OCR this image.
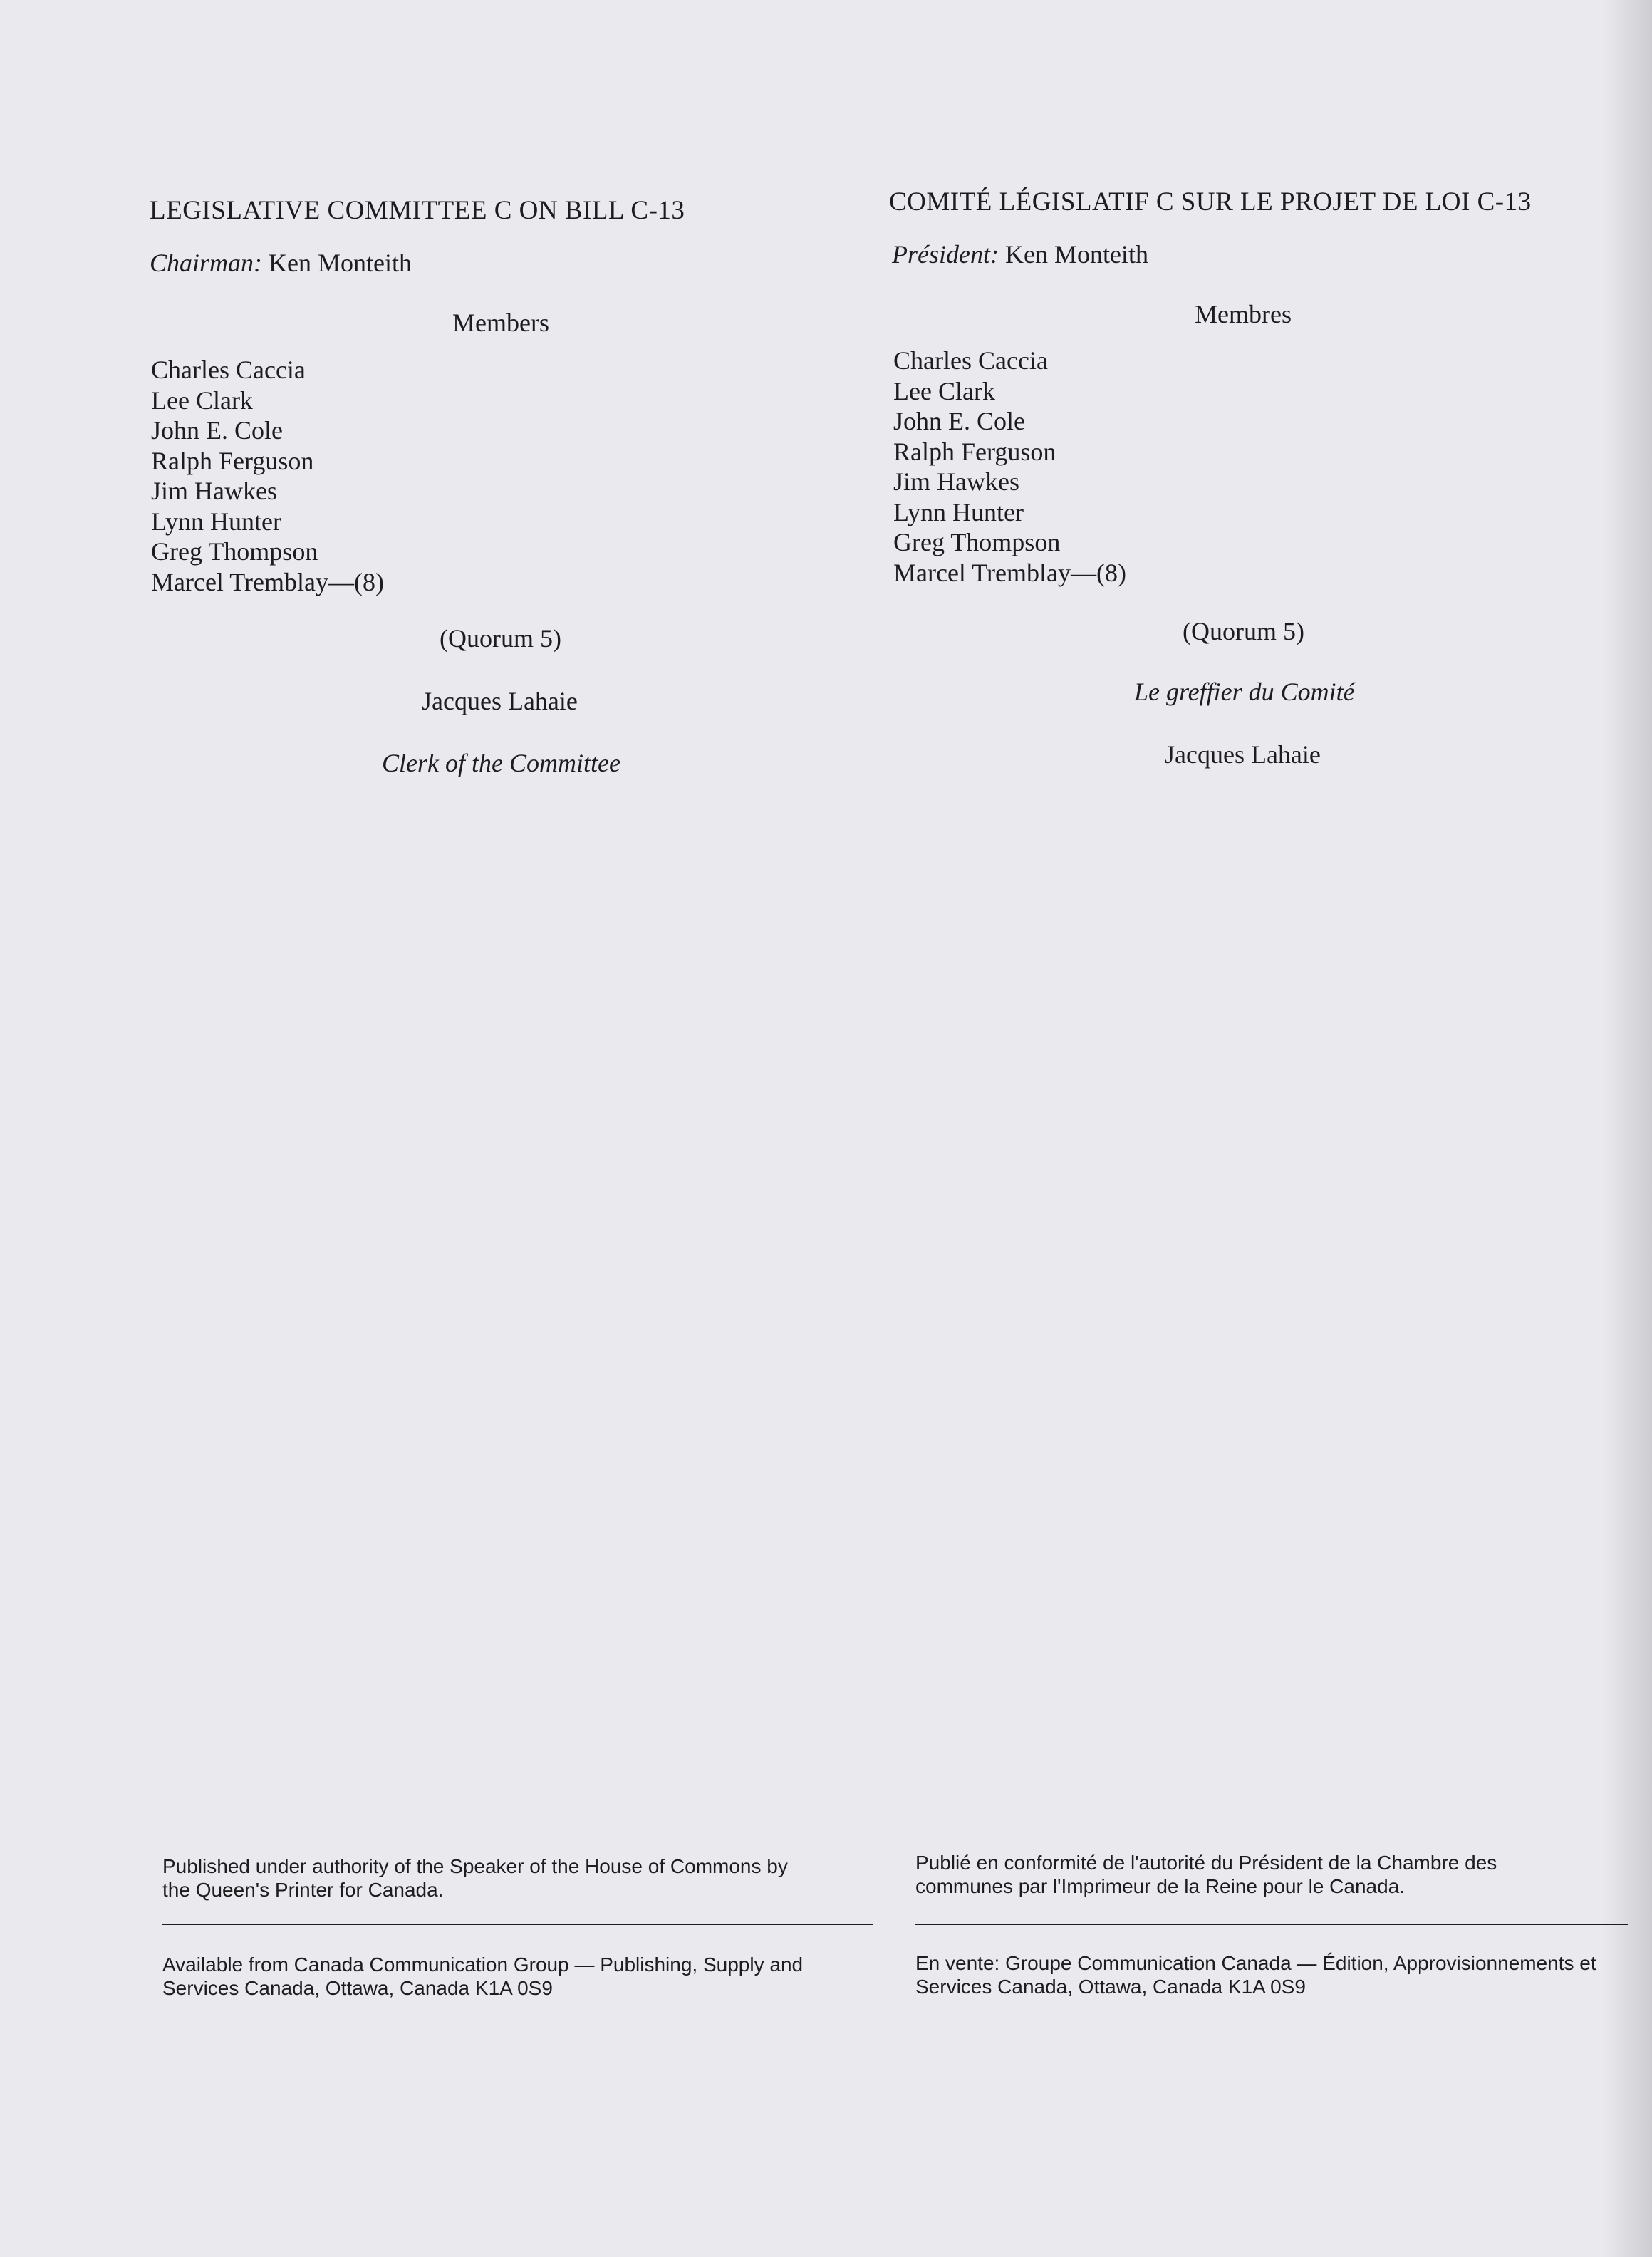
LEGISLATIVE COMMITTEE C ON BILL C-13
Chairman: Ken Monteith
Members
Charles Caccia
Lee Clark
John E. Cole
Ralph Ferguson
Jim Hawkes
Lynn Hunter
Greg Thompson
Marcel Tremblay—(8)
(Quorum 5)
Jacques Lahaie
Clerk of the Committee
Published under authority of the Speaker of the House of Commons by the Queen's Printer for Canada.
Available from Canada Communication Group — Publishing, Supply and Services Canada, Ottawa, Canada K1A 0S9
COMITÉ LÉGISLATIF C SUR LE PROJET DE LOI C-13
Président: Ken Monteith
Membres
Charles Caccia
Lee Clark
John E. Cole
Ralph Ferguson
Jim Hawkes
Lynn Hunter
Greg Thompson
Marcel Tremblay—(8)
(Quorum 5)
Le greffier du Comité
Jacques Lahaie
Publié en conformité de l'autorité du Président de la Chambre des communes par l'Imprimeur de la Reine pour le Canada.
En vente: Groupe Communication Canada — Édition, Approvisionnements et Services Canada, Ottawa, Canada K1A 0S9
